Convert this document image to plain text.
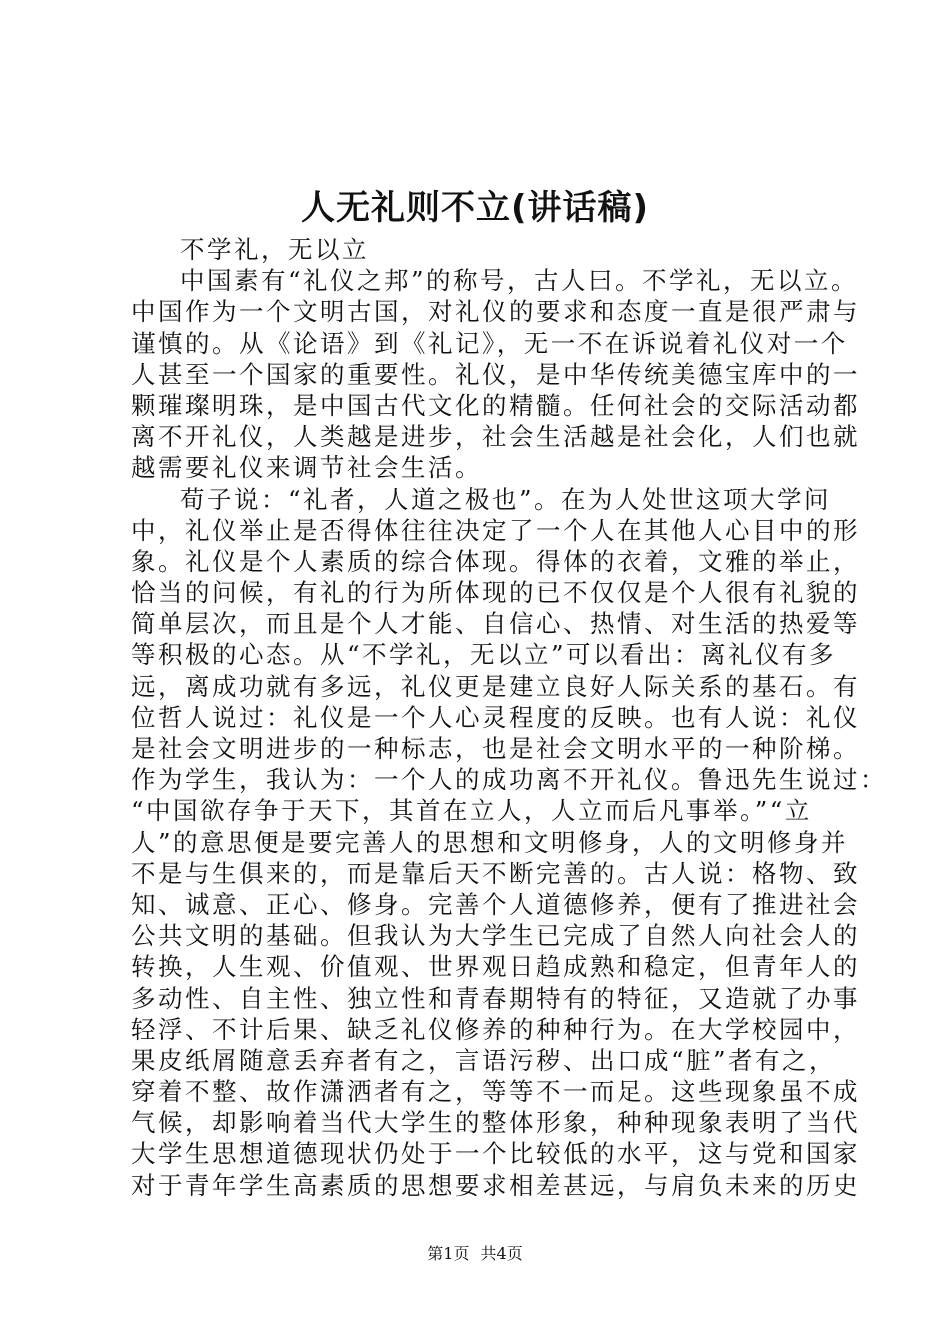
人无礼则不立(讲话稿)
不学礼，无以立
中国素有“礼仪之邦”的称号，古人曰。不学礼，无以立。
中国作为一个文明古国，对礼仪的要求和态度一直是很严肃与
谨慎的。从《论语》到《礼记》，无一不在诉说着礼仪对一个
人甚至一个国家的重要性。礼仪，是中华传统美德宝库中的一
颗璀璨明珠，是中国古代文化的精髓。任何社会的交际活动都
离不开礼仪，人类越是进步，社会生活越是社会化，人们也就
越需要礼仪来调节社会生活。
荀子说：“礼者，人道之极也”。在为人处世这项大学问
中，礼仪举止是否得体往往决定了一个人在其他人心目中的形
象。礼仪是个人素质的综合体现。得体的衣着，文雅的举止，
恰当的问候，有礼的行为所体现的已不仅仅是个人很有礼貌的
简单层次，而且是个人才能、自信心、热情、对生活的热爱等
等积极的心态。从“不学礼，无以立”可以看出：离礼仪有多
远，离成功就有多远，礼仪更是建立良好人际关系的基石。有
位哲人说过：礼仪是一个人心灵程度的反映。也有人说：礼仪
是社会文明进步的一种标志，也是社会文明水平的一种阶梯。
作为学生，我认为：一个人的成功离不开礼仪。鲁迅先生说过：
“中国欲存争于天下，其首在立人，人立而后凡事举。”“立
人”的意思便是要完善人的思想和文明修身，人的文明修身并
不是与生俱来的，而是靠后天不断完善的。古人说：格物、致
知、诚意、正心、修身。完善个人道德修养，便有了推进社会
公共文明的基础。但我认为大学生已完成了自然人向社会人的
转换，人生观、价值观、世界观日趋成熟和稳定，但青年人的
多动性、自主性、独立性和青春期特有的特征，又造就了办事
轻浮、不计后果、缺乏礼仪修养的种种行为。在大学校园中，
果皮纸屑随意丢弃者有之，言语污秽、出口成“脏”者有之，
穿着不整、故作潇洒者有之，等等不一而足。这些现象虽不成
气候，却影响着当代大学生的整体形象，种种现象表明了当代
大学生思想道德现状仍处于一个比较低的水平，这与党和国家
对于青年学生高素质的思想要求相差甚远，与肩负未来的历史
第1页 共4页
